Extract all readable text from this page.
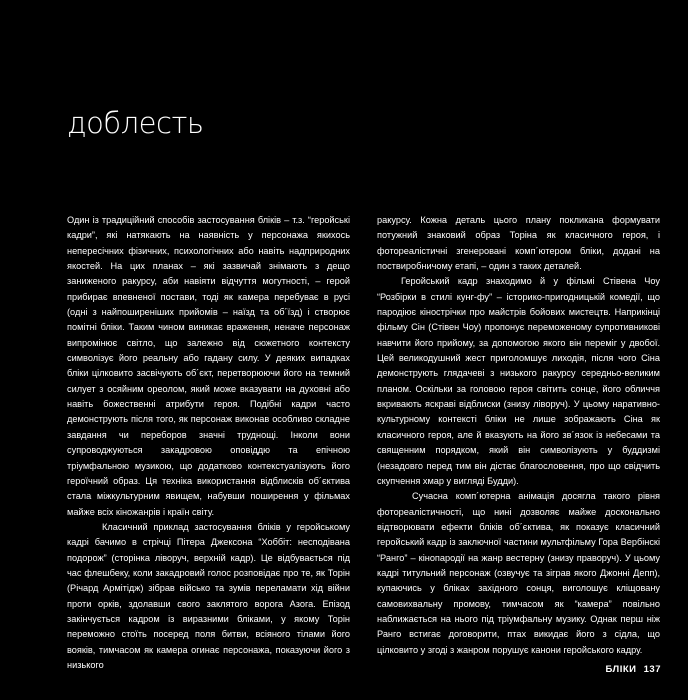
доблесть

Один із традиційний способів застосування бліків – т.з. “геройські кадри”, які натякають на наявність у персонажа якихось непересічних фізичних, психологічних або навіть надприродних якостей. На цих планах – які зазвичай знімають з дещо заниженого ракурсу, аби навіяти відчуття могутності, – герой прибирає впевненої постави, тоді як камера перебуває в русі (одні з найпоширеніших прийомів – наїзд та об´їзд) і створює помітні бліки. Таким чином виникає враження, неначе персонаж випромінює світло, що залежно від сюжетного контексту символізує його реальну або гадану силу. У деяких випадках бліки цілковито засвічують об´єкт, перетворюючи його на темний силует з осяйним ореолом, який може вказувати на духовні або навіть божественні атрибути героя. Подібні кадри часто демонструють після того, як персонаж виконав особливо складне завдання чи переборов значні труднощі. Інколи вони супроводжуються закадровою оповіддю та епічною тріумфальною музикою, що додатково контекстуалізують його героїчний образ. Ця техніка використання відблисків об´єктива стала міжкультурним явищем, набувши поширення у фільмах майже всіх кіножанрів і країн світу.

Класичний приклад застосування бліків у геройському кадрі бачимо в стрічці Пітера Джексона “Хоббіт: несподівана подорож” (сторінка ліворуч, верхній кадр). Це відбувається під час флешбеку, коли закадровий голос розповідає про те, як Торін (Річард Армітідж) зібрав військо та зумів переламати хід війни проти орків, здолавши свого заклятого ворога Азога. Епізод закінчується кадром із виразними бліками, у якому Торін переможно стоїть посеред поля битви, всіяного тілами його вояків, тимчасом як камера огинає персонажа, показуючи його з низького

ракурсу. Кожна деталь цього плану покликана формувати потужний знаковий образ Торіна як класичного героя, і фотореалістичні згенеровані комп´ютером бліки, додані на поствиробничому етапі, – один з таких деталей.

Геройський кадр знаходимо й у фільмі Стівена Чоу “Розбірки в стилі кунг-фу” – історико-пригодницькій комедії, що пародіює кінострічки про майстрів бойових мистецтв. Наприкінці фільму Сін (Стівен Чоу) пропонує переможеному супротивникові навчити його прийому, за допомогою якого він переміг у двобої. Цей великодушний жест приголомшує лиходія, після чого Сіна демонструють глядачеві з низького ракурсу середньо-великим планом. Оскільки за головою героя світить сонце, його обличчя вкривають яскраві відблиски (знизу ліворуч). У цьому наративно-культурному контексті бліки не лише зображають Сіна як класичного героя, але й вказують на його зв´язок із небесами та священним порядком, який він символізують у буддизмі (незадовго перед тим він дістає благословення, про що свідчить скупчення хмар у вигляді Будди).

Сучасна комп´ютерна анімація досягла такого рівня фотореалістичності, що нині дозволяє майже досконально відтворювати ефекти бліків об´єктива, як показує класичний геройський кадр із заключної частини мультфільму Гора Вербінскі “Ранго” – кінопародії на жанр вестерну (знизу праворуч). У цьому кадрі титульний персонаж (озвучує та зіграв якого Джонні Депп), купаючись у бліках західного сонця, виголошує кліщовану самовихвальну промову, тимчасом як “камера” повільно наближається на нього під тріумфальну музику. Однак перш ніж Ранго встигає договорити, птах викидає його з сідла, що цілковито у згоді з жанром порушує канони геройського кадру.

БЛІКИ 137
